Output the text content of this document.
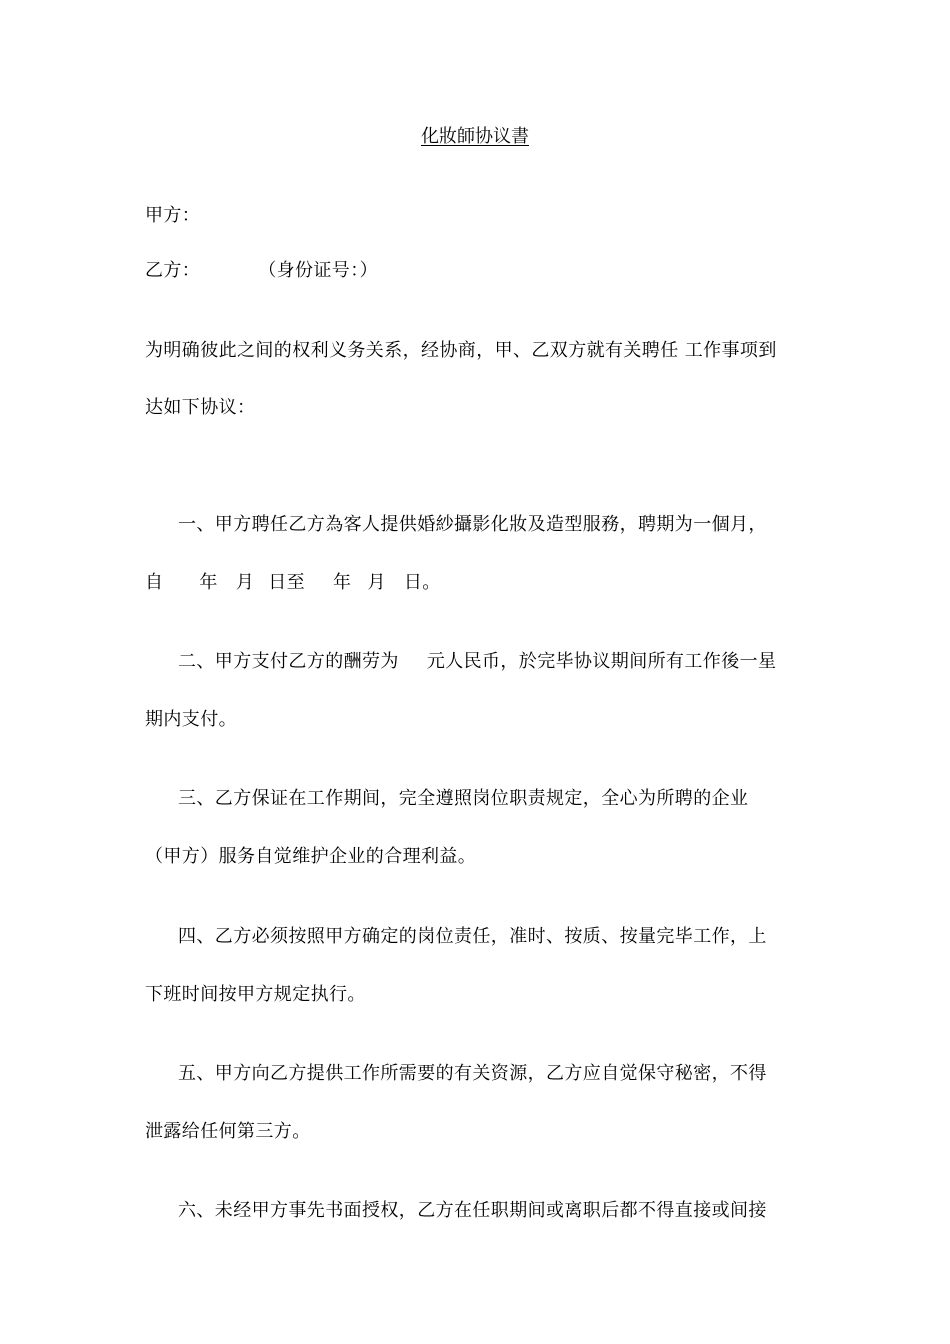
化妝師协议書
甲方：
乙方：	（身份证号：）
为明确彼此之间的权利义务关系，经协商，甲、乙双方就有关聘任 工作事项到
达如下协议：
一、甲方聘任乙方為客人提供婚紗攝影化妝及造型服務，聘期为一個月，
自 年 月 日至 年 月 日。
二、甲方支付乙方的酬劳为 元人民币，於完毕协议期间所有工作後一星
期内支付。
三、乙方保证在工作期间，完全遵照岗位职责规定，全心为所聘的企业
（甲方）服务自觉维护企业的合理利益。
四、乙方必须按照甲方确定的岗位责任，准时、按质、按量完毕工作，上
下班时间按甲方规定执行。
五、甲方向乙方提供工作所需要的有关资源，乙方应自觉保守秘密，不得
泄露给任何第三方。
六、未经甲方事先书面授权，乙方在任职期间或离职后都不得直接或间接
